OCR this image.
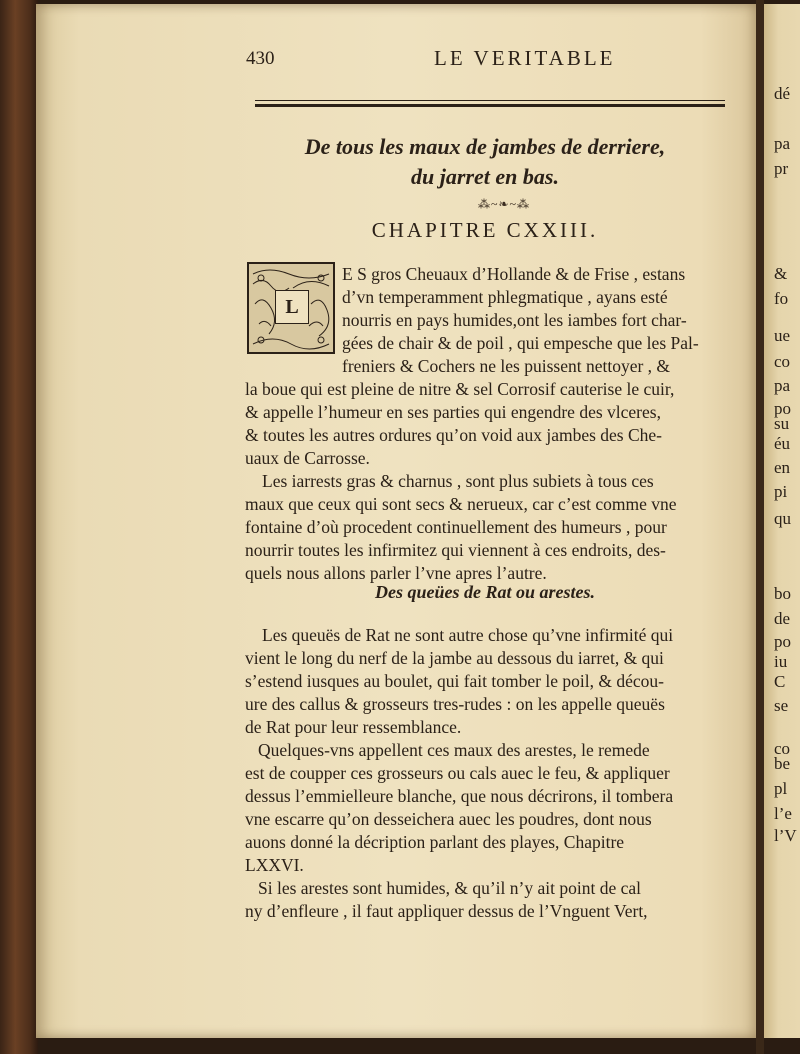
dé
pa
pr
&
fo
ue
co
pa
po
su
éu
en
pi
qu
bo
de
po
iu
C
se
co
be
pl
l’e
l’V
430	LE VERITABLE
De tous les maux de jambes de derriere,
du jarret en bas.
⁂~❧~⁂
CHAPITRE CXXIII.
L
E S gros Cheuaux d’Hollande & de Frise , estans
d’vn temperamment phlegmatique , ayans esté
nourris en pays humides,ont les iambes fort char-
gées de chair & de poil , qui empesche que les Pal-
freniers & Cochers ne les puissent nettoyer , &
la boue qui est pleine de nitre & sel Corrosif cauterise le cuir,
& appelle l’humeur en ses parties qui engendre des vlceres,
& toutes les autres ordures qu’on void aux jambes des Che-
uaux de Carrosse.
Les iarrests gras & charnus , sont plus subiets à tous ces
maux que ceux qui sont secs & nerueux, car c’est comme vne
fontaine d’où procedent continuellement des humeurs , pour
nourrir toutes les infirmitez qui viennent à ces endroits, des-
quels nous allons parler l’vne apres l’autre.
Des queües de Rat ou arestes.
Les queuës de Rat ne sont autre chose qu’vne infirmité qui
vient le long du nerf de la jambe au dessous du iarret, & qui
s’estend iusques au boulet, qui fait tomber le poil, & décou-
ure des callus & grosseurs tres-rudes : on les appelle queuës
de Rat pour leur ressemblance.
Quelques-vns appellent ces maux des arestes, le remede
est de coupper ces grosseurs ou cals auec le feu, & appliquer
dessus l’emmielleure blanche, que nous décrirons, il tombera
vne escarre qu’on desseichera auec les poudres, dont nous
auons donné la décription parlant des playes, Chapitre
LXXVI.
Si les arestes sont humides, & qu’il n’y ait point de cal
ny d’enfleure , il faut appliquer dessus de l’Vnguent Vert,
